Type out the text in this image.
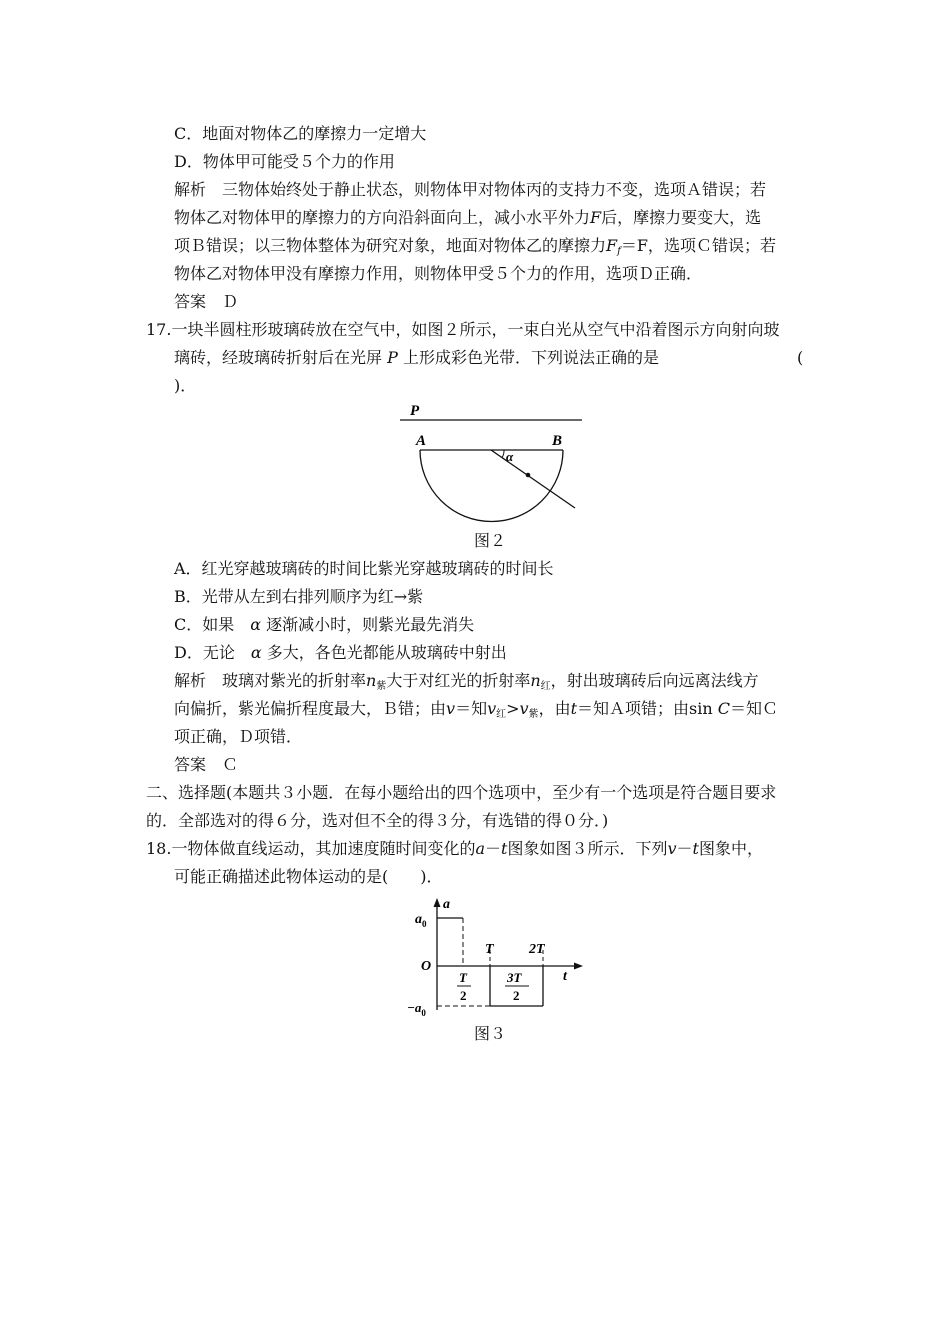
C．地面对物体乙的摩擦力一定增大
D．物体甲可能受５个力的作用
解析　三物体始终处于静止状态，则物体甲对物体丙的支持力不变，选项Ａ错误；若
物体乙对物体甲的摩擦力的方向沿斜面向上，减小水平外力F后，摩擦力要变大，选
项Ｂ错误；以三物体整体为研究对象，地面对物体乙的摩擦力$F_f=F$，选项Ｃ错误；若
物体乙对物体甲没有摩擦力作用，则物体甲受５个力的作用，选项Ｄ正确．
答案　Ｄ
17.一块半圆柱形玻璃砖放在空气中，如图２所示，一束白光从空气中沿着图示方向射向玻
璃砖，经玻璃砖折射后在光屏 P 上形成彩色光带．下列说法正确的是	(
)．
P
A	B
α
图２
A．红光穿越玻璃砖的时间比紫光穿越玻璃砖的时间长
B．光带从左到右排列顺序为红→紫
C．如果　 α 逐渐减小时，则紫光最先消失
D．无论　 α 多大，各色光都能从玻璃砖中射出
解析　玻璃对紫光的折射率$n_紫$大于对红光的折射率$n_红$，射出玻璃砖后向远离法线方
向偏折，紫光偏折程度最大，Ｂ错；由v＝知$v_红>v_紫$，由t＝知Ａ项错；由sin C＝知Ｃ
项正确，Ｄ项错．
答案　Ｃ
二、选择题(本题共３小题．在每小题给出的四个选项中，至少有一个选项是符合题目要求
的．全部选对的得６分，选对但不全的得３分，有选错的得０分．)
18.一物体做直线运动，其加速度随时间变化的a－t图象如图３所示．下列v－t图象中，
可能正确描述此物体运动的是(　　)．
a
$a_0$
O
T	2T
t
T
2
3T
2
$-a_0$
图３
